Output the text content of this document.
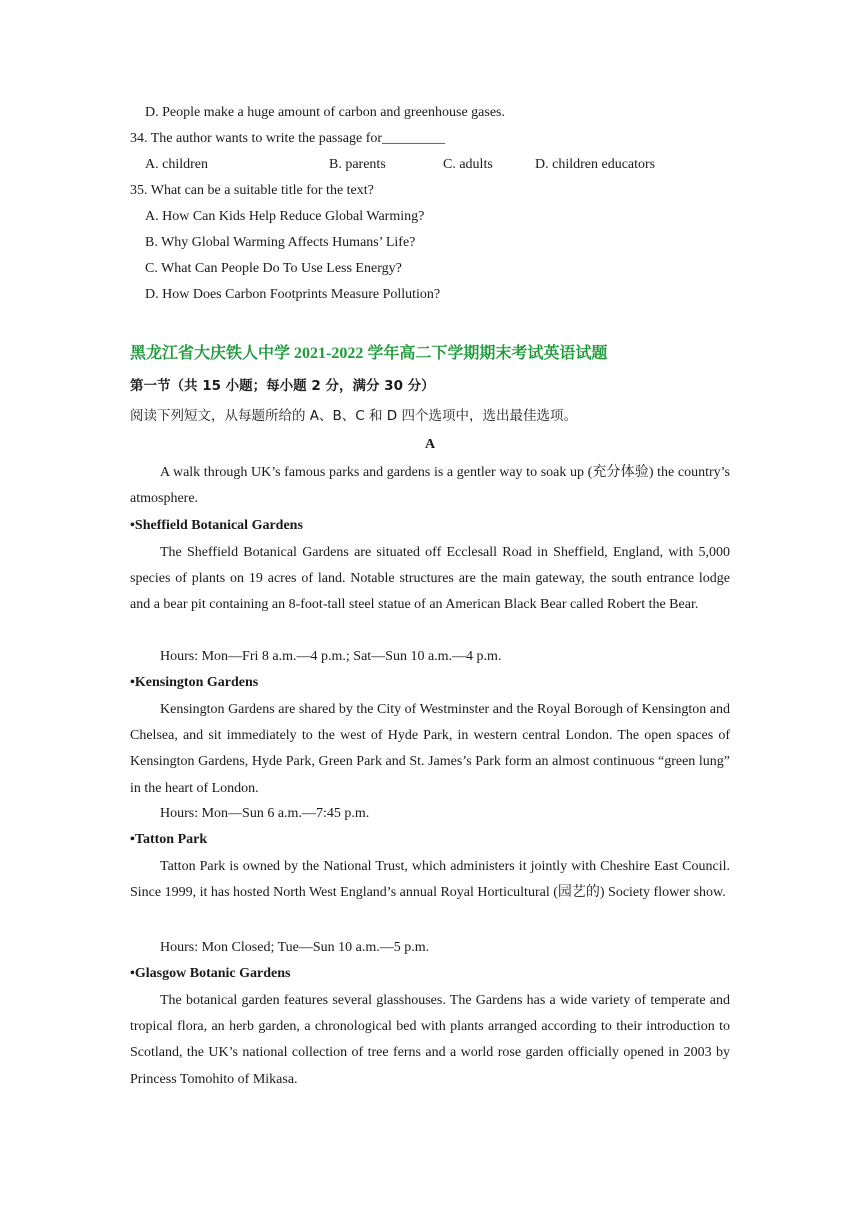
D. People make a huge amount of carbon and greenhouse gases.
34. The author wants to write the passage for_________
A. children	B. parents	C. adults	D. children educators
35. What can be a suitable title for the text?
A. How Can Kids Help Reduce Global Warming?
B. Why Global Warming Affects Humans’ Life?
C. What Can People Do To Use Less Energy?
D. How Does Carbon Footprints Measure Pollution?
黑龙江省大庆铁人中学 2021-2022 学年高二下学期期末考试英语试题
第一节（共 15 小题；每小题 2 分，满分 30 分）
阅读下列短文，从每题所给的 A、B、C 和 D 四个选项中，选出最佳选项。
A

A walk through UK’s famous parks and gardens is a gentler way to soak up (充分体验) the country’s atmosphere.

•Sheffield Botanical Gardens

The Sheffield Botanical Gardens are situated off Ecclesall Road in Sheffield, England, with 5,000 species of plants on 19 acres of land. Notable structures are the main gateway, the south entrance lodge and a bear pit containing an 8-foot-tall steel statue of an American Black Bear called Robert the Bear.

Hours: Mon—Fri 8 a.m.—4 p.m.; Sat—Sun 10 a.m.—4 p.m.
•Kensington Gardens

Kensington Gardens are shared by the City of Westminster and the Royal Borough of Kensington and Chelsea, and sit immediately to the west of Hyde Park, in western central London. The open spaces of Kensington Gardens, Hyde Park, Green Park and St. James’s Park form an almost continuous “green lung” in the heart of London.

Hours: Mon—Sun 6 a.m.—7:45 p.m.
•Tatton Park

Tatton Park is owned by the National Trust, which administers it jointly with Cheshire East Council. Since 1999, it has hosted North West England’s annual Royal Horticultural (园艺的) Society flower show.

Hours: Mon Closed; Tue—Sun 10 a.m.—5 p.m.
•Glasgow Botanic Gardens

The botanical garden features several glasshouses. The Gardens has a wide variety of temperate and tropical flora, an herb garden, a chronological bed with plants arranged according to their introduction to Scotland, the UK’s national collection of tree ferns and a world rose garden officially opened in 2003 by Princess Tomohito of Mikasa.
